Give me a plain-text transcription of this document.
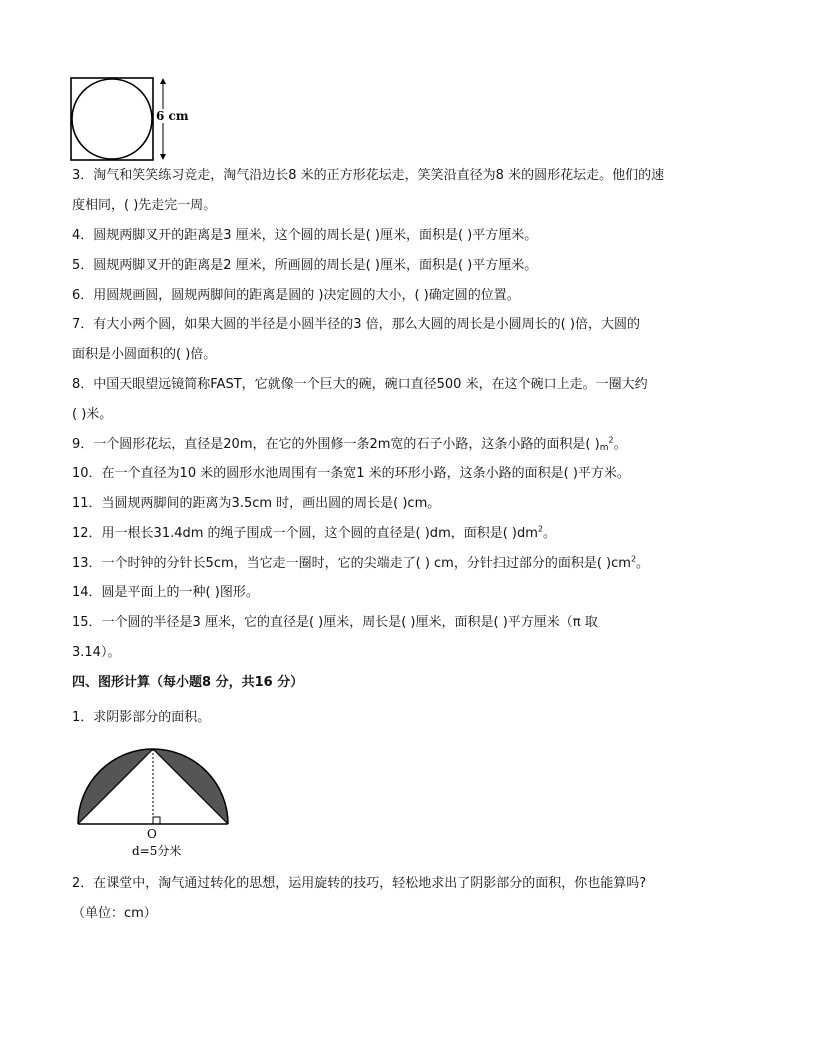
6 cm
3．淘气和笑笑练习竞走，淘气沿边长8 米的正方形花坛走，笑笑沿直径为8 米的圆形花坛走。他们的速
度相同，( )先走完一周。
4．圆规两脚叉开的距离是3 厘米，这个圆的周长是( )厘米，面积是( )平方厘米。
5．圆规两脚叉开的距离是2 厘米，所画圆的周长是( )厘米，面积是( )平方厘米。
6．用圆规画圆，圆规两脚间的距离是圆的 )决定圆的大小，( )确定圆的位置。
7．有大小两个圆，如果大圆的半径是小圆半径的3 倍，那么大圆的周长是小圆周长的( )倍，大圆的
面积是小圆面积的( )倍。
8．中国天眼望远镜简称FAST，它就像一个巨大的碗，碗口直径500 米，在这个碗口上走。一圈大约
( )米。
9．一个圆形花坛，直径是20m，在它的外围修一条2m宽的石子小路，这条小路的面积是( )$m^2$。
10．在一个直径为10 米的圆形水池周围有一条宽1 米的环形小路，这条小路的面积是( )平方米。
11．当圆规两脚间的距离为3.5cm 时，画出圆的周长是( )cm。
12．用一根长31.4dm 的绳子围成一个圆，这个圆的直径是( )dm，面积是( )$dm^2$。
13．一个时钟的分针长5cm，当它走一圈时，它的尖端走了( ) cm，分针扫过部分的面积是( )$cm^2$。
14．圆是平面上的一种( )图形。
15．一个圆的半径是3 厘米，它的直径是( )厘米，周长是( )厘米，面积是( )平方厘米（π 取
3.14）。
四、图形计算（每小题8 分，共16 分）
1．求阴影部分的面积。
O
d=5分米
2．在课堂中，淘气通过转化的思想，运用旋转的技巧，轻松地求出了阴影部分的面积，你也能算吗?
（单位：cm）
